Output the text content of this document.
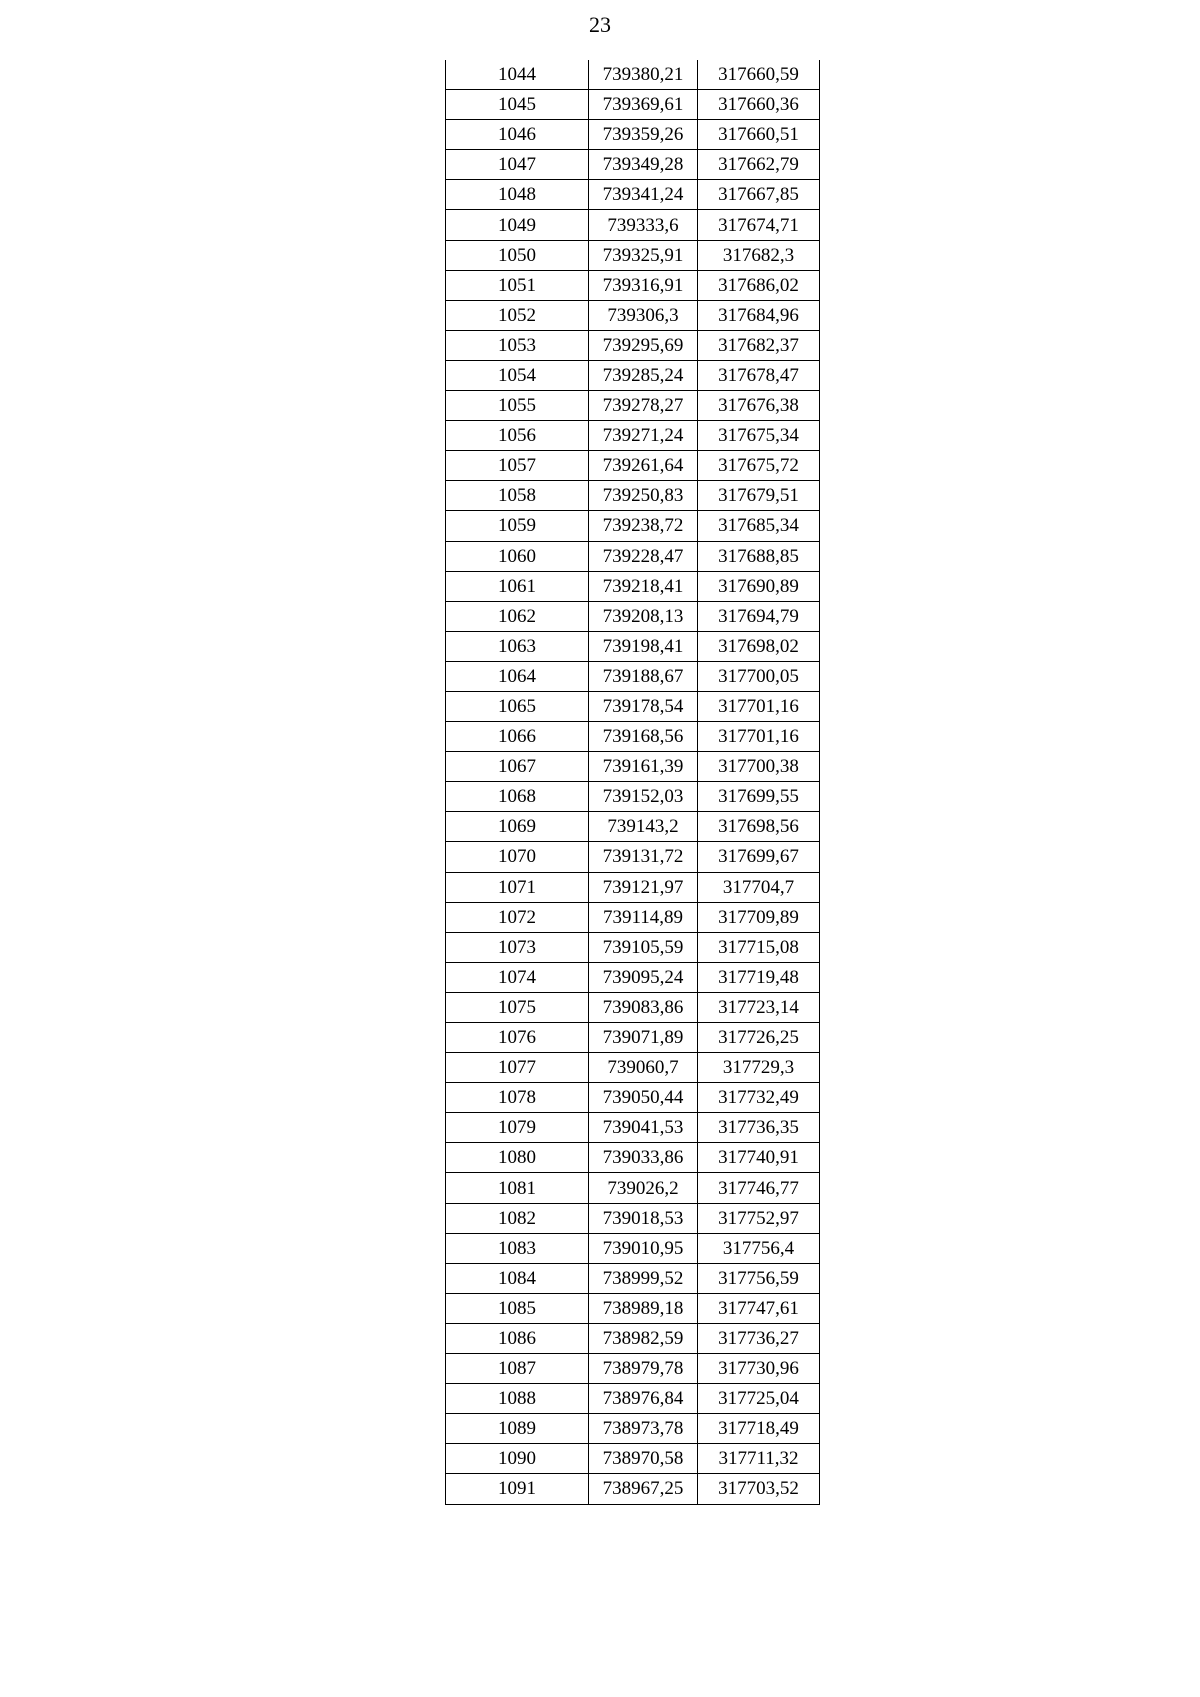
23
1044	739380,21	317660,59
1045	739369,61	317660,36
1046	739359,26	317660,51
1047	739349,28	317662,79
1048	739341,24	317667,85
1049	739333,6	317674,71
1050	739325,91	317682,3
1051	739316,91	317686,02
1052	739306,3	317684,96
1053	739295,69	317682,37
1054	739285,24	317678,47
1055	739278,27	317676,38
1056	739271,24	317675,34
1057	739261,64	317675,72
1058	739250,83	317679,51
1059	739238,72	317685,34
1060	739228,47	317688,85
1061	739218,41	317690,89
1062	739208,13	317694,79
1063	739198,41	317698,02
1064	739188,67	317700,05
1065	739178,54	317701,16
1066	739168,56	317701,16
1067	739161,39	317700,38
1068	739152,03	317699,55
1069	739143,2	317698,56
1070	739131,72	317699,67
1071	739121,97	317704,7
1072	739114,89	317709,89
1073	739105,59	317715,08
1074	739095,24	317719,48
1075	739083,86	317723,14
1076	739071,89	317726,25
1077	739060,7	317729,3
1078	739050,44	317732,49
1079	739041,53	317736,35
1080	739033,86	317740,91
1081	739026,2	317746,77
1082	739018,53	317752,97
1083	739010,95	317756,4
1084	738999,52	317756,59
1085	738989,18	317747,61
1086	738982,59	317736,27
1087	738979,78	317730,96
1088	738976,84	317725,04
1089	738973,78	317718,49
1090	738970,58	317711,32
1091	738967,25	317703,52
